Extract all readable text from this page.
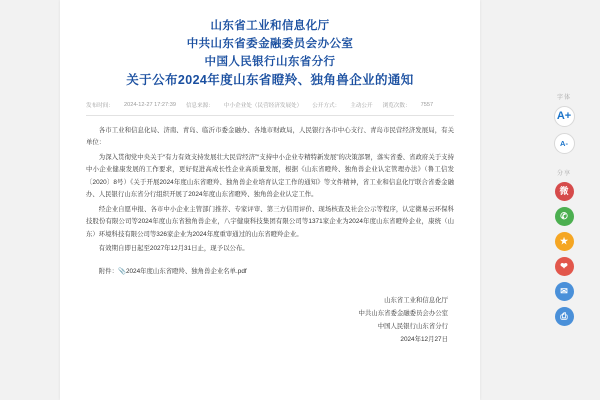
山东省工业和信息化厅
中共山东省委金融委员会办公室
中国人民银行山东省分行
关于公布2024年度山东省瞪羚、独角兽企业的通知
发布时间： 2024-12-27 17:27:39 信息来源： 中小企业处（民营经济发展处） 公开方式： 主动公开 浏览次数： 7557

各市工业和信息化局、济南、青岛、临沂市委金融办、各地市财政局，人民银行各市中心支行、青岛市民营经济发展局，有关单位：

为深入贯彻党中央关于“有力有效支持发展壮大民营经济”“支持中小企业专精特新发展”的决策部署，落实省委、省政府关于支持中小企业健康发展的工作要求，更好促进高成长性企业高质量发展，根据《山东省瞪羚、独角兽企业认定管理办法》（鲁工信发〔2020〕8号）《关于开展2024年度山东省瞪羚、独角兽企业培育认定工作的通知》等文件精神，省工业和信息化厅联合省委金融办、人民银行山东省分行组织开展了2024年度山东省瞪羚、独角兽企业认定工作。

经企业自愿申报、各市中小企业主管部门推荐、专家评审、第三方信用评价、现场核查及社会公示等程序，认定微易云环保科技股份有限公司等2024年度山东省独角兽企业，八宇健康科技集团有限公司等1371家企业为2024年度山东省瞪羚企业，康统（山东）环境科技有限公司等326家企业为2024年度重审通过的山东省瞪羚企业。

有效期自即日起至2027年12月31日止，现予以公布。

附件：📎2024年度山东省瞪羚、独角兽企业名单.pdf
山东省工业和信息化厅
中共山东省委金融委员会办公室
中国人民银行山东省分行
2024年12月27日
字体
A+
A-
分享
微
✆
★
❤
✉
⎙
